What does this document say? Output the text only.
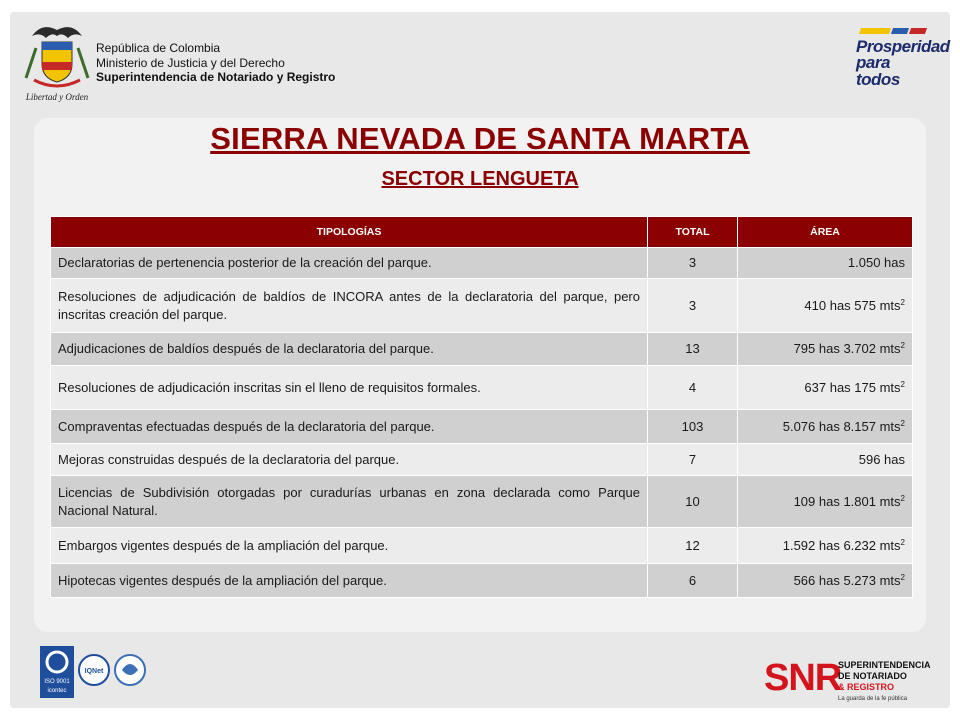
Libertad y Orden
República de Colombia
Ministerio de Justicia y del Derecho
Superintendencia de Notariado y Registro
Prosperidad
para todos
SIERRA NEVADA DE SANTA MARTA
SECTOR LENGUETA
TIPOLOGÍAS	TOTAL	ÁREA
Declaratorias de pertenencia posterior de la creación del parque.	3	1.050 has
Resoluciones de adjudicación de baldíos de INCORA antes de la declaratoria del parque, pero inscritas creación del parque.	3	410 has 575 mts$^2$
Adjudicaciones de baldíos después de la declaratoria del parque.	13	795 has 3.702 mts$^2$
Resoluciones de adjudicación inscritas sin el lleno de requisitos formales.	4	637 has 175 mts$^2$
Compraventas efectuadas después de la declaratoria del parque.	103	5.076 has 8.157 mts$^2$
Mejoras construidas después de la declaratoria del parque.	7	596 has
Licencias de Subdivisión otorgadas por curadurías urbanas en zona declarada como Parque Nacional Natural.	10	109 has 1.801 mts$^2$
Embargos vigentes después de la ampliación del parque.	12	1.592 has 6.232 mts$^2$
Hipotecas vigentes después de la ampliación del parque.	6	566 has 5.273 mts$^2$
ISO 9001
icontec
IQNet	SNR
SUPERINTENDENCIA
DE NOTARIADO
& REGISTRO
La guarda de la fe pública
